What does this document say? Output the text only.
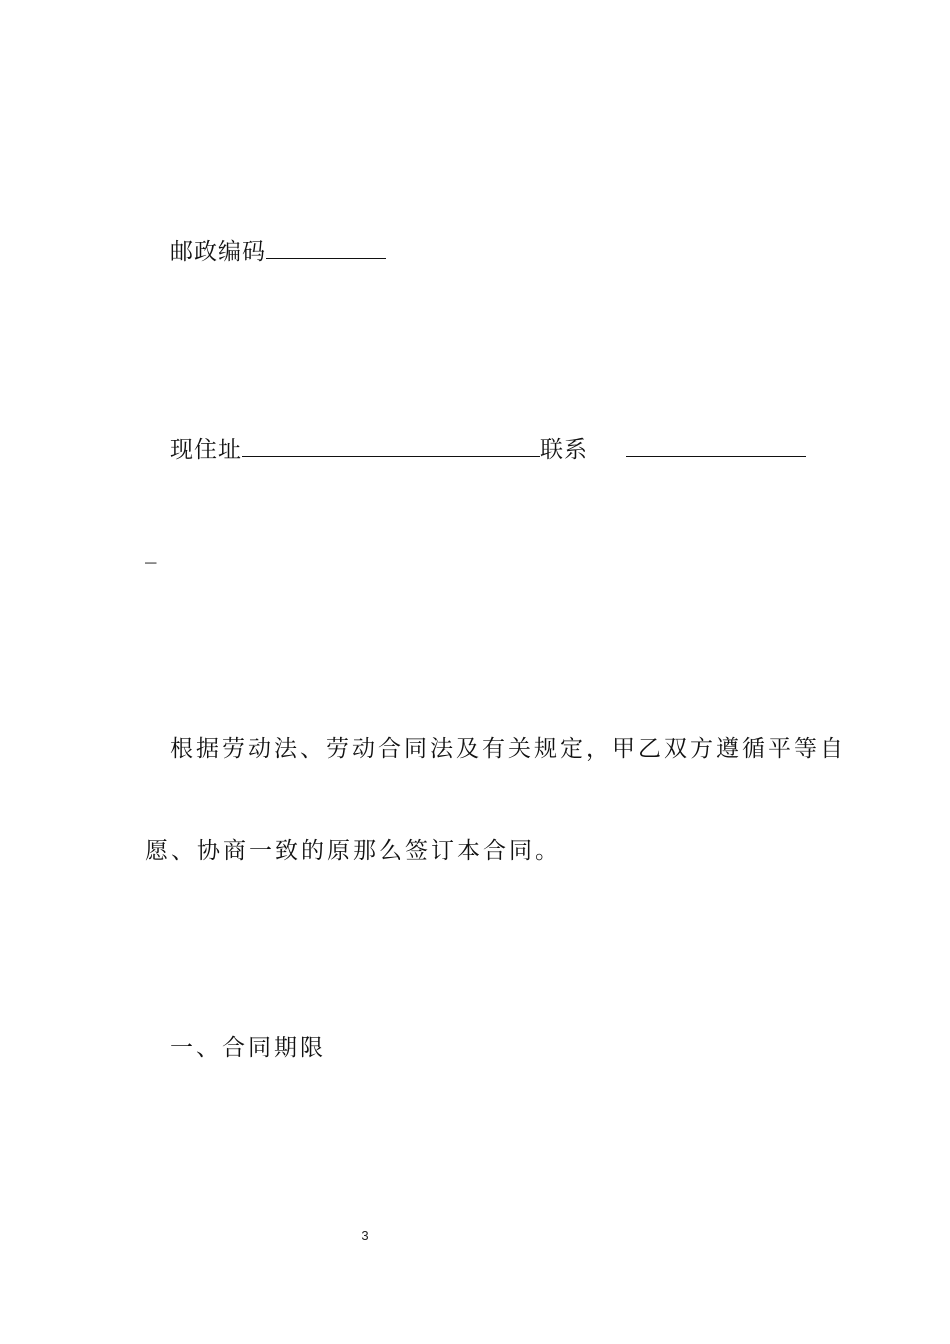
邮政编码
现住址	联系
_
根据劳动法、劳动合同法及有关规定，甲乙双方遵循平等自
愿、协商一致的原那么签订本合同。
一、合同期限
3
